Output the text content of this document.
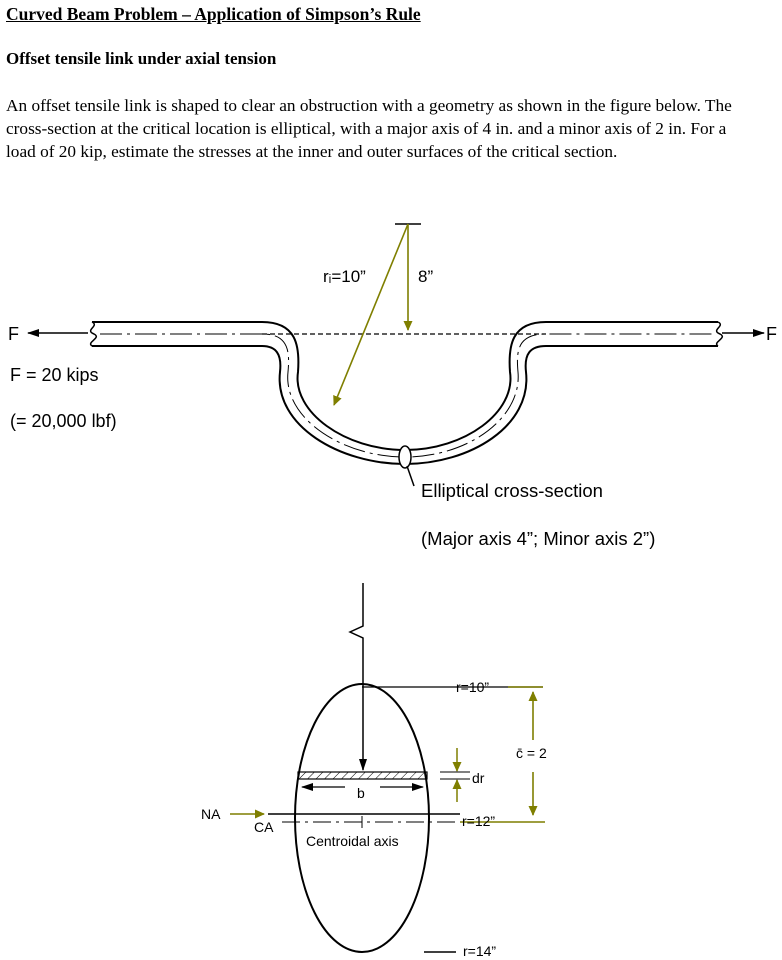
Curved Beam Problem – Application of Simpson’s Rule

Offset tensile link under axial tension

An offset tensile link is shaped to clear an obstruction with a geometry as shown in the figure below. The cross-section at the critical location is elliptical, with a major axis of 4 in. and a minor axis of 2 in. For a load of 20 kip, estimate the stresses at the inner and outer surfaces of the critical section.

F	F
rᵢ=10”	8”
F = 20 kips
(= 20,000 lbf)
Elliptical cross-section
(Major axis 4”; Minor axis 2”)
r=10”
c̄ = 2
dr
b
NA
CA	r=12”
Centroidal axis
r=14”
